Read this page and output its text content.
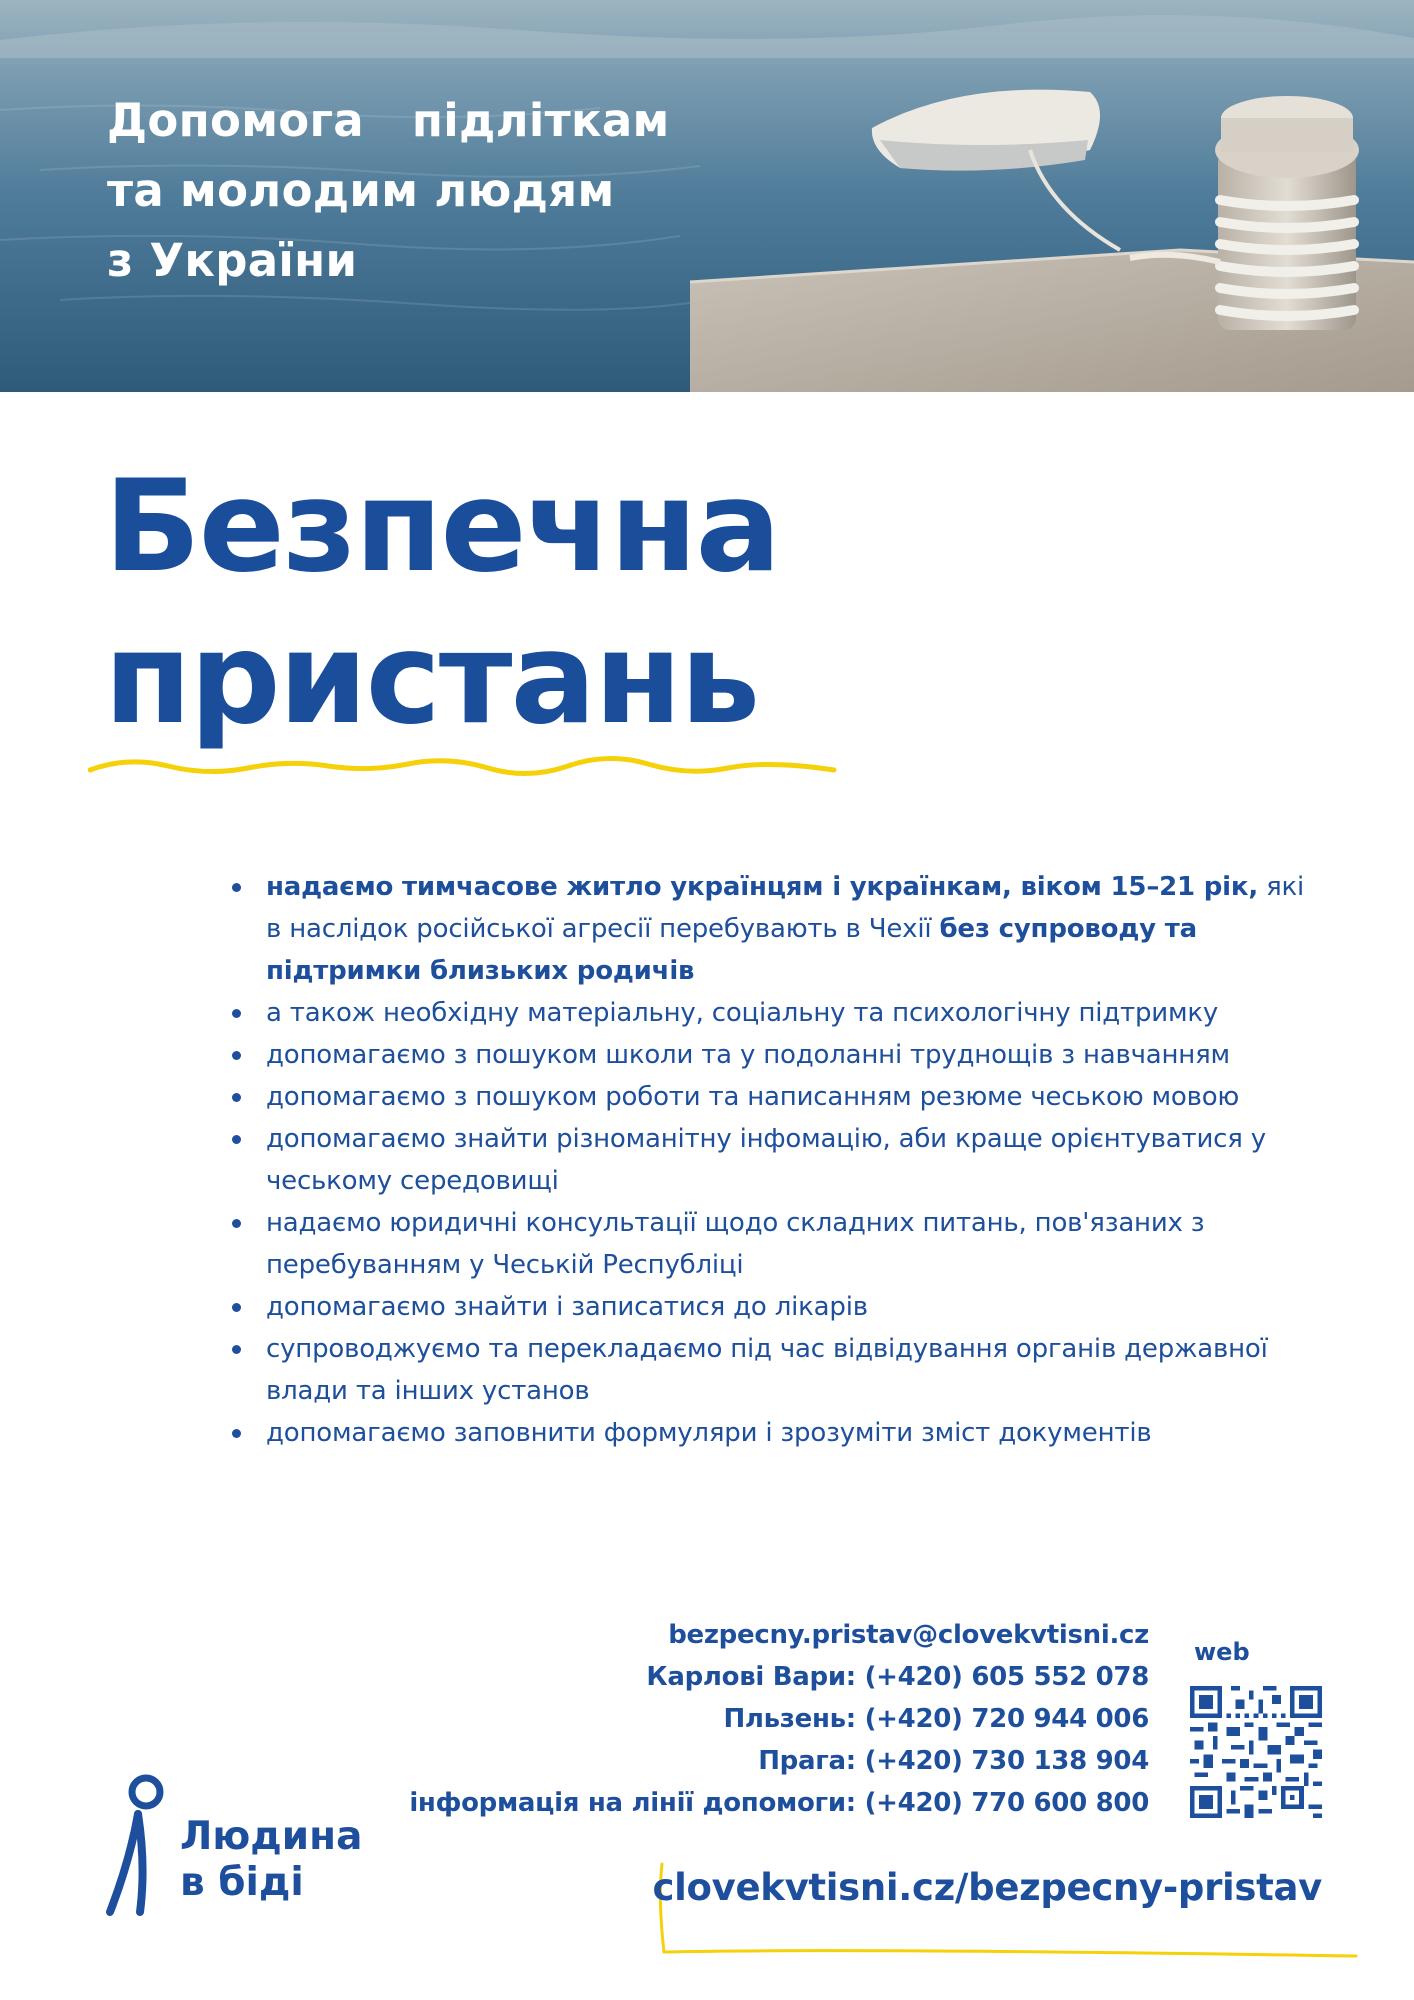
Допомога   підліткам
та молодим людям
з України
Безпечна
пристань
надаємо тимчасове житло українцям і українкам, віком 15–21 рік, які в наслідок російської агресії перебувають в Чехії без супроводу та підтримки близьких родичів
а також необхідну матеріальну, соціальну та психологічну підтримку
допомагаємо з пошуком школи та у подоланні труднощів з навчанням
допомагаємо з пошуком роботи та написанням резюме чеською мовою
допомагаємо знайти різноманітну інфомацію, аби краще орієнтуватися у чеському середовищі
надаємо юридичні консультації щодо складних питань, пов'язаних з перебуванням у Чеській Республіці
допомагаємо знайти і записатися до лікарів
супроводжуємо та перекладаємо під час відвідування органів державної влади та інших установ
допомагаємо заповнити формуляри і зрозуміти зміст документів
bezpecny.pristav@clovekvtisni.cz
Карлові Вари: (+420) 605 552 078
Пльзень: (+420) 720 944 006
Прага: (+420) 730 138 904
інформація на лінії допомоги: (+420) 770 600 800
web
Людина
в біді	clovekvtisni.cz/bezpecny-pristav
